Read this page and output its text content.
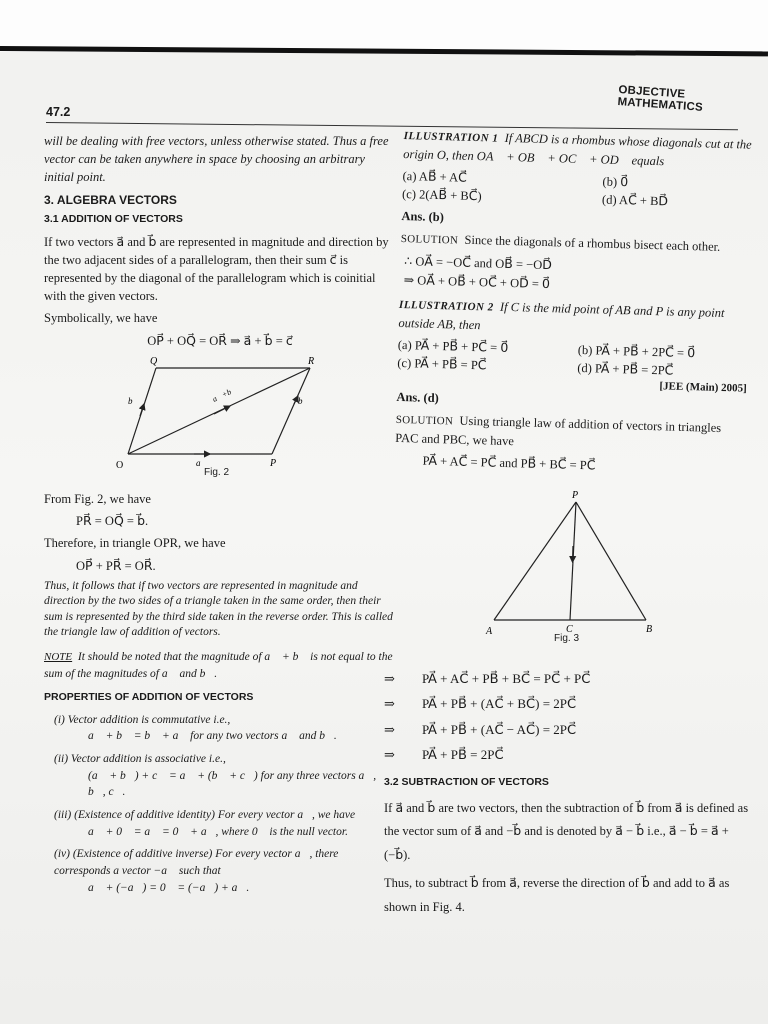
OBJECTIVE MATHEMATICS
47.2

will be dealing with free vectors, unless otherwise stated. Thus a free vector can be taken anywhere in space by choosing an arbitrary initial point.

3. ALGEBRA VECTORS
3.1 ADDITION OF VECTORS

If two vectors a⃗ and b⃗ are represented in magnitude and direction by the two adjacent sides of a parallelogram, then their sum c⃗ is represented by the diagonal of the parallelogram which is coinitial with the given vectors.

Symbolically, we have

OP⃗ + OQ⃗ = OR⃗ ⇒ a⃗ + b⃗ = c⃗
O	P
Q	R
a⃗
b⃗	b⃗
a⃗+b⃗
Fig. 2

From Fig. 2, we have

PR⃗ = OQ⃗ = b⃗.

Therefore, in triangle OPR, we have

OP⃗ + PR⃗ = OR⃗.

Thus, it follows that if two vectors are represented in magnitude and direction by the two sides of a triangle taken in the same order, then their sum is represented by the third side taken in the reverse order. This is called the triangle law of addition of vectors.

NOTE It should be noted that the magnitude of a⃗ + b⃗ is not equal to the sum of the magnitudes of a⃗ and b⃗.

PROPERTIES OF ADDITION OF VECTORS
(i) Vector addition is commutative i.e.,
a⃗ + b⃗ = b⃗ + a⃗ for any two vectors a⃗ and b⃗.
(ii) Vector addition is associative i.e.,
(a⃗ + b⃗) + c⃗ = a⃗ + (b⃗ + c⃗) for any three vectors a⃗, b⃗, c⃗.
(iii) (Existence of additive identity) For every vector a⃗, we have
a⃗ + 0⃗ = a⃗ = 0⃗ + a⃗, where 0⃗ is the null vector.
(iv) (Existence of additive inverse) For every vector a⃗, there corresponds a vector −a⃗ such that
a⃗ + (−a⃗) = 0⃗ = (−a⃗) + a⃗.

ILLUSTRATION 1 If ABCD is a rhombus whose diagonals cut at the origin O, then OA⃗ + OB⃗ + OC⃗ + OD⃗ equals

(a) AB⃗ + AC⃗	(b) 0⃗
(c) 2(AB⃗ + BC⃗)	(d) AC⃗ + BD⃗

Ans. (b)

SOLUTION Since the diagonals of a rhombus bisect each other.

∴ OA⃗ = −OC⃗ and OB⃗ = −OD⃗
⇒ OA⃗ + OB⃗ + OC⃗ + OD⃗ = 0⃗

ILLUSTRATION 2 If C is the mid point of AB and P is any point outside AB, then

(a) PA⃗ + PB⃗ + PC⃗ = 0⃗	(b) PA⃗ + PB⃗ + 2PC⃗ = 0⃗
(c) PA⃗ + PB⃗ = PC⃗	(d) PA⃗ + PB⃗ = 2PC⃗
[JEE (Main) 2005]

Ans. (d)

SOLUTION Using triangle law of addition of vectors in triangles PAC and PBC, we have

PA⃗ + AC⃗ = PC⃗ and PB⃗ + BC⃗ = PC⃗
P
A	B
C
Fig. 3
⇒ PA⃗ + AC⃗ + PB⃗ + BC⃗ = PC⃗ + PC⃗
⇒ PA⃗ + PB⃗ + (AC⃗ + BC⃗) = 2PC⃗
⇒ PA⃗ + PB⃗ + (AC⃗ − AC⃗) = 2PC⃗
⇒ PA⃗ + PB⃗ = 2PC⃗
3.2 SUBTRACTION OF VECTORS

If a⃗ and b⃗ are two vectors, then the subtraction of b⃗ from a⃗ is defined as the vector sum of a⃗ and −b⃗ and is denoted by a⃗ − b⃗ i.e., a⃗ − b⃗ = a⃗ + (−b⃗).

Thus, to subtract b⃗ from a⃗, reverse the direction of b⃗ and add to a⃗ as shown in Fig. 4.
